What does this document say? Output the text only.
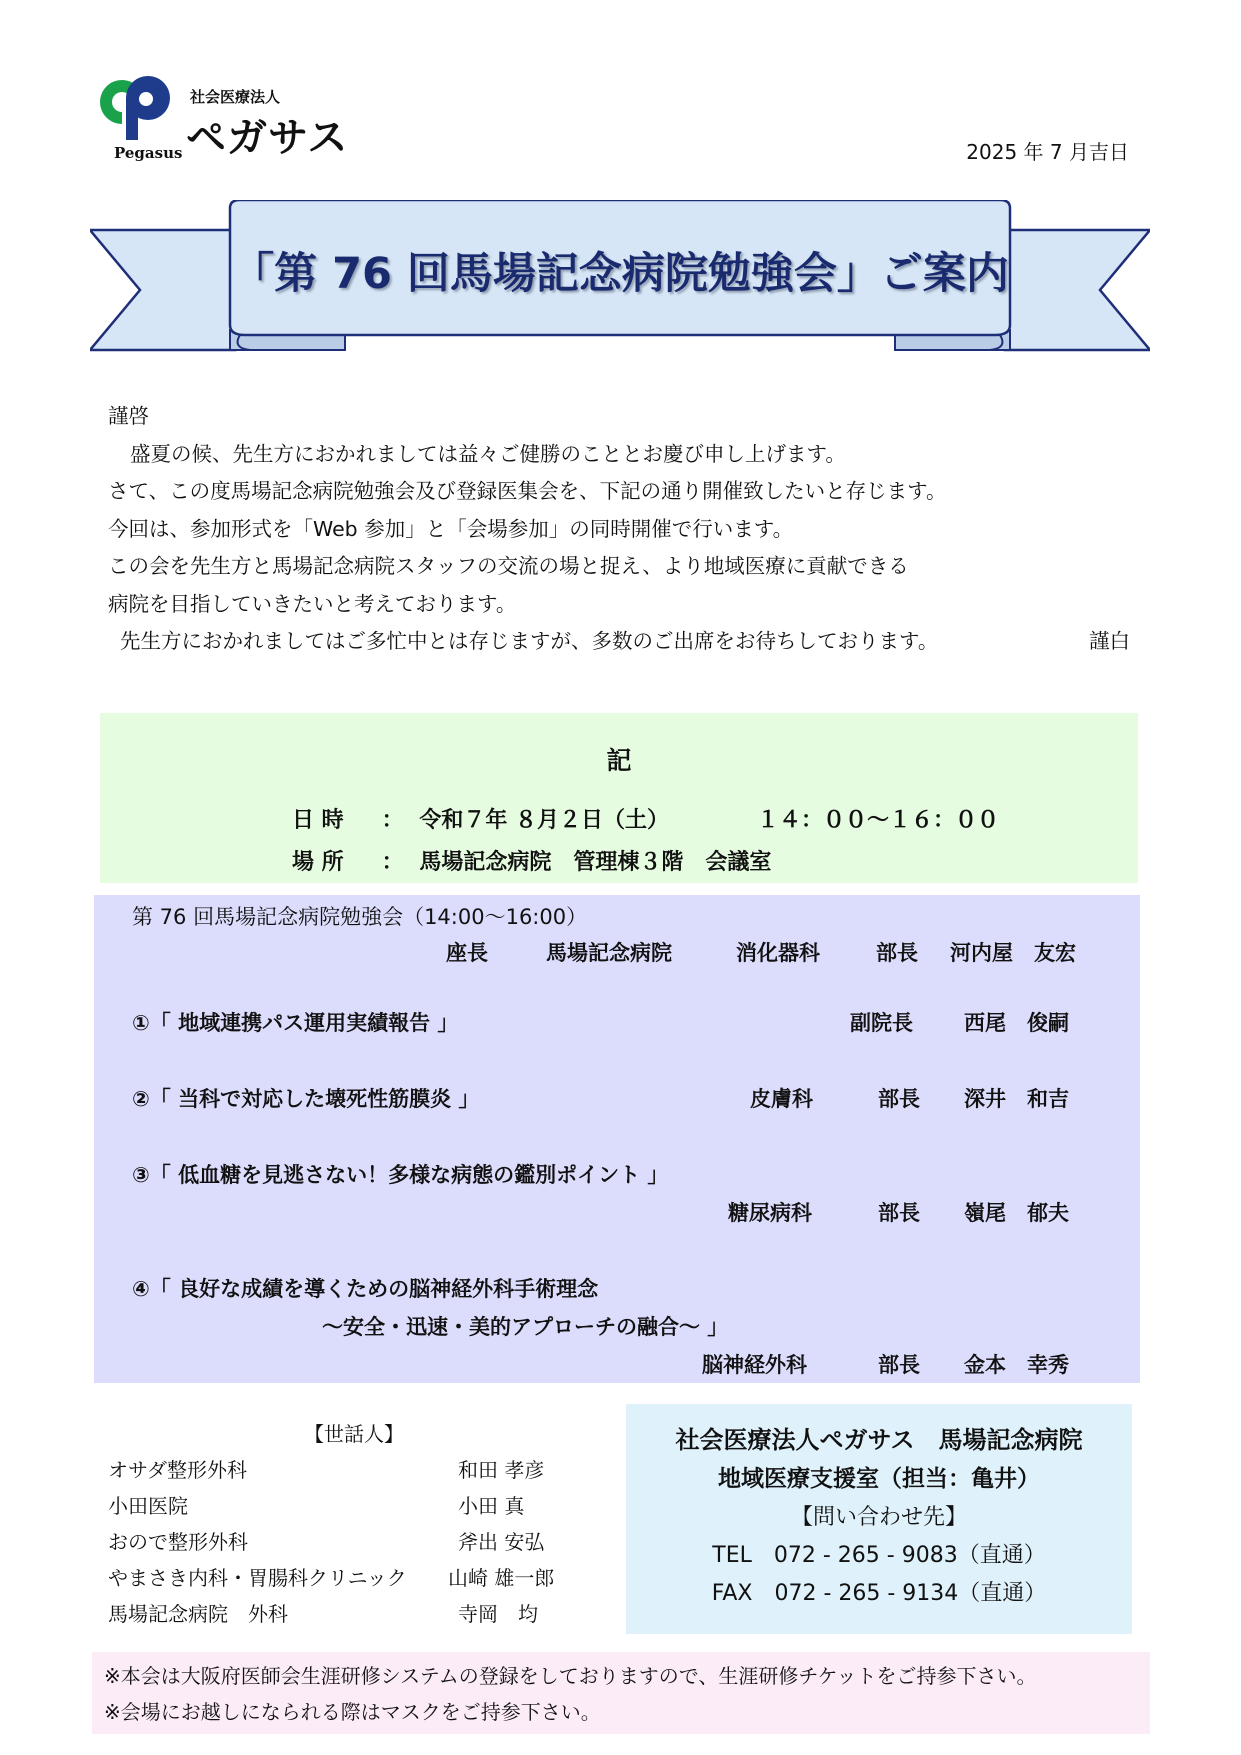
社会医療法人
ペガサス
Pegasus	2025 年 7 月吉日
「第 76 回馬場記念病院勉強会」ご案内

謹啓

盛夏の候、先生方におかれましては益々ご健勝のこととお慶び申し上げます。

さて、この度馬場記念病院勉強会及び登録医集会を、下記の通り開催致したいと存じます。

今回は、参加形式を「Web 参加」と「会場参加」の同時開催で行います。

この会を先生方と馬場記念病院スタッフの交流の場と捉え、より地域医療に貢献できる

病院を目指していきたいと考えております。

先生方におかれましてはご多忙中とは存じますが、多数のご出席をお待ちしております。	謹白

記
日 時 ： 令和７年 ８月２日（土）	１４：００～１６：００
場 所 ： 馬場記念病院　管理棟３階　会議室
第 76 回馬場記念病院勉強会（14:00～16:00）
座長	馬場記念病院	消化器科	部長 河内屋　友宏
①「 地域連携パス運用実績報告 」	副院長 西尾　俊嗣
②「 当科で対応した壊死性筋膜炎 」	皮膚科	部長 深井　和吉
③「 低血糖を見逃さない！多様な病態の鑑別ポイント 」
糖尿病科	部長 嶺尾　郁夫
④「 良好な成績を導くための脳神経外科手術理念
～安全・迅速・美的アプローチの融合～ 」
脳神経外科	部長 金本　幸秀
【世話人】
オサダ整形外科	和田 孝彦
小田医院	小田 真
おので整形外科	斧出 安弘
やまさき内科・胃腸科クリニック 山崎 雄一郎
馬場記念病院　外科	寺岡　均
社会医療法人ペガサス　馬場記念病院
地域医療支援室（担当：亀井）
【問い合わせ先】
TEL　072 - 265 - 9083（直通）
FAX　072 - 265 - 9134（直通）
※本会は大阪府医師会生涯研修システムの登録をしておりますので、生涯研修チケットをご持参下さい。
※会場にお越しになられる際はマスクをご持参下さい。
